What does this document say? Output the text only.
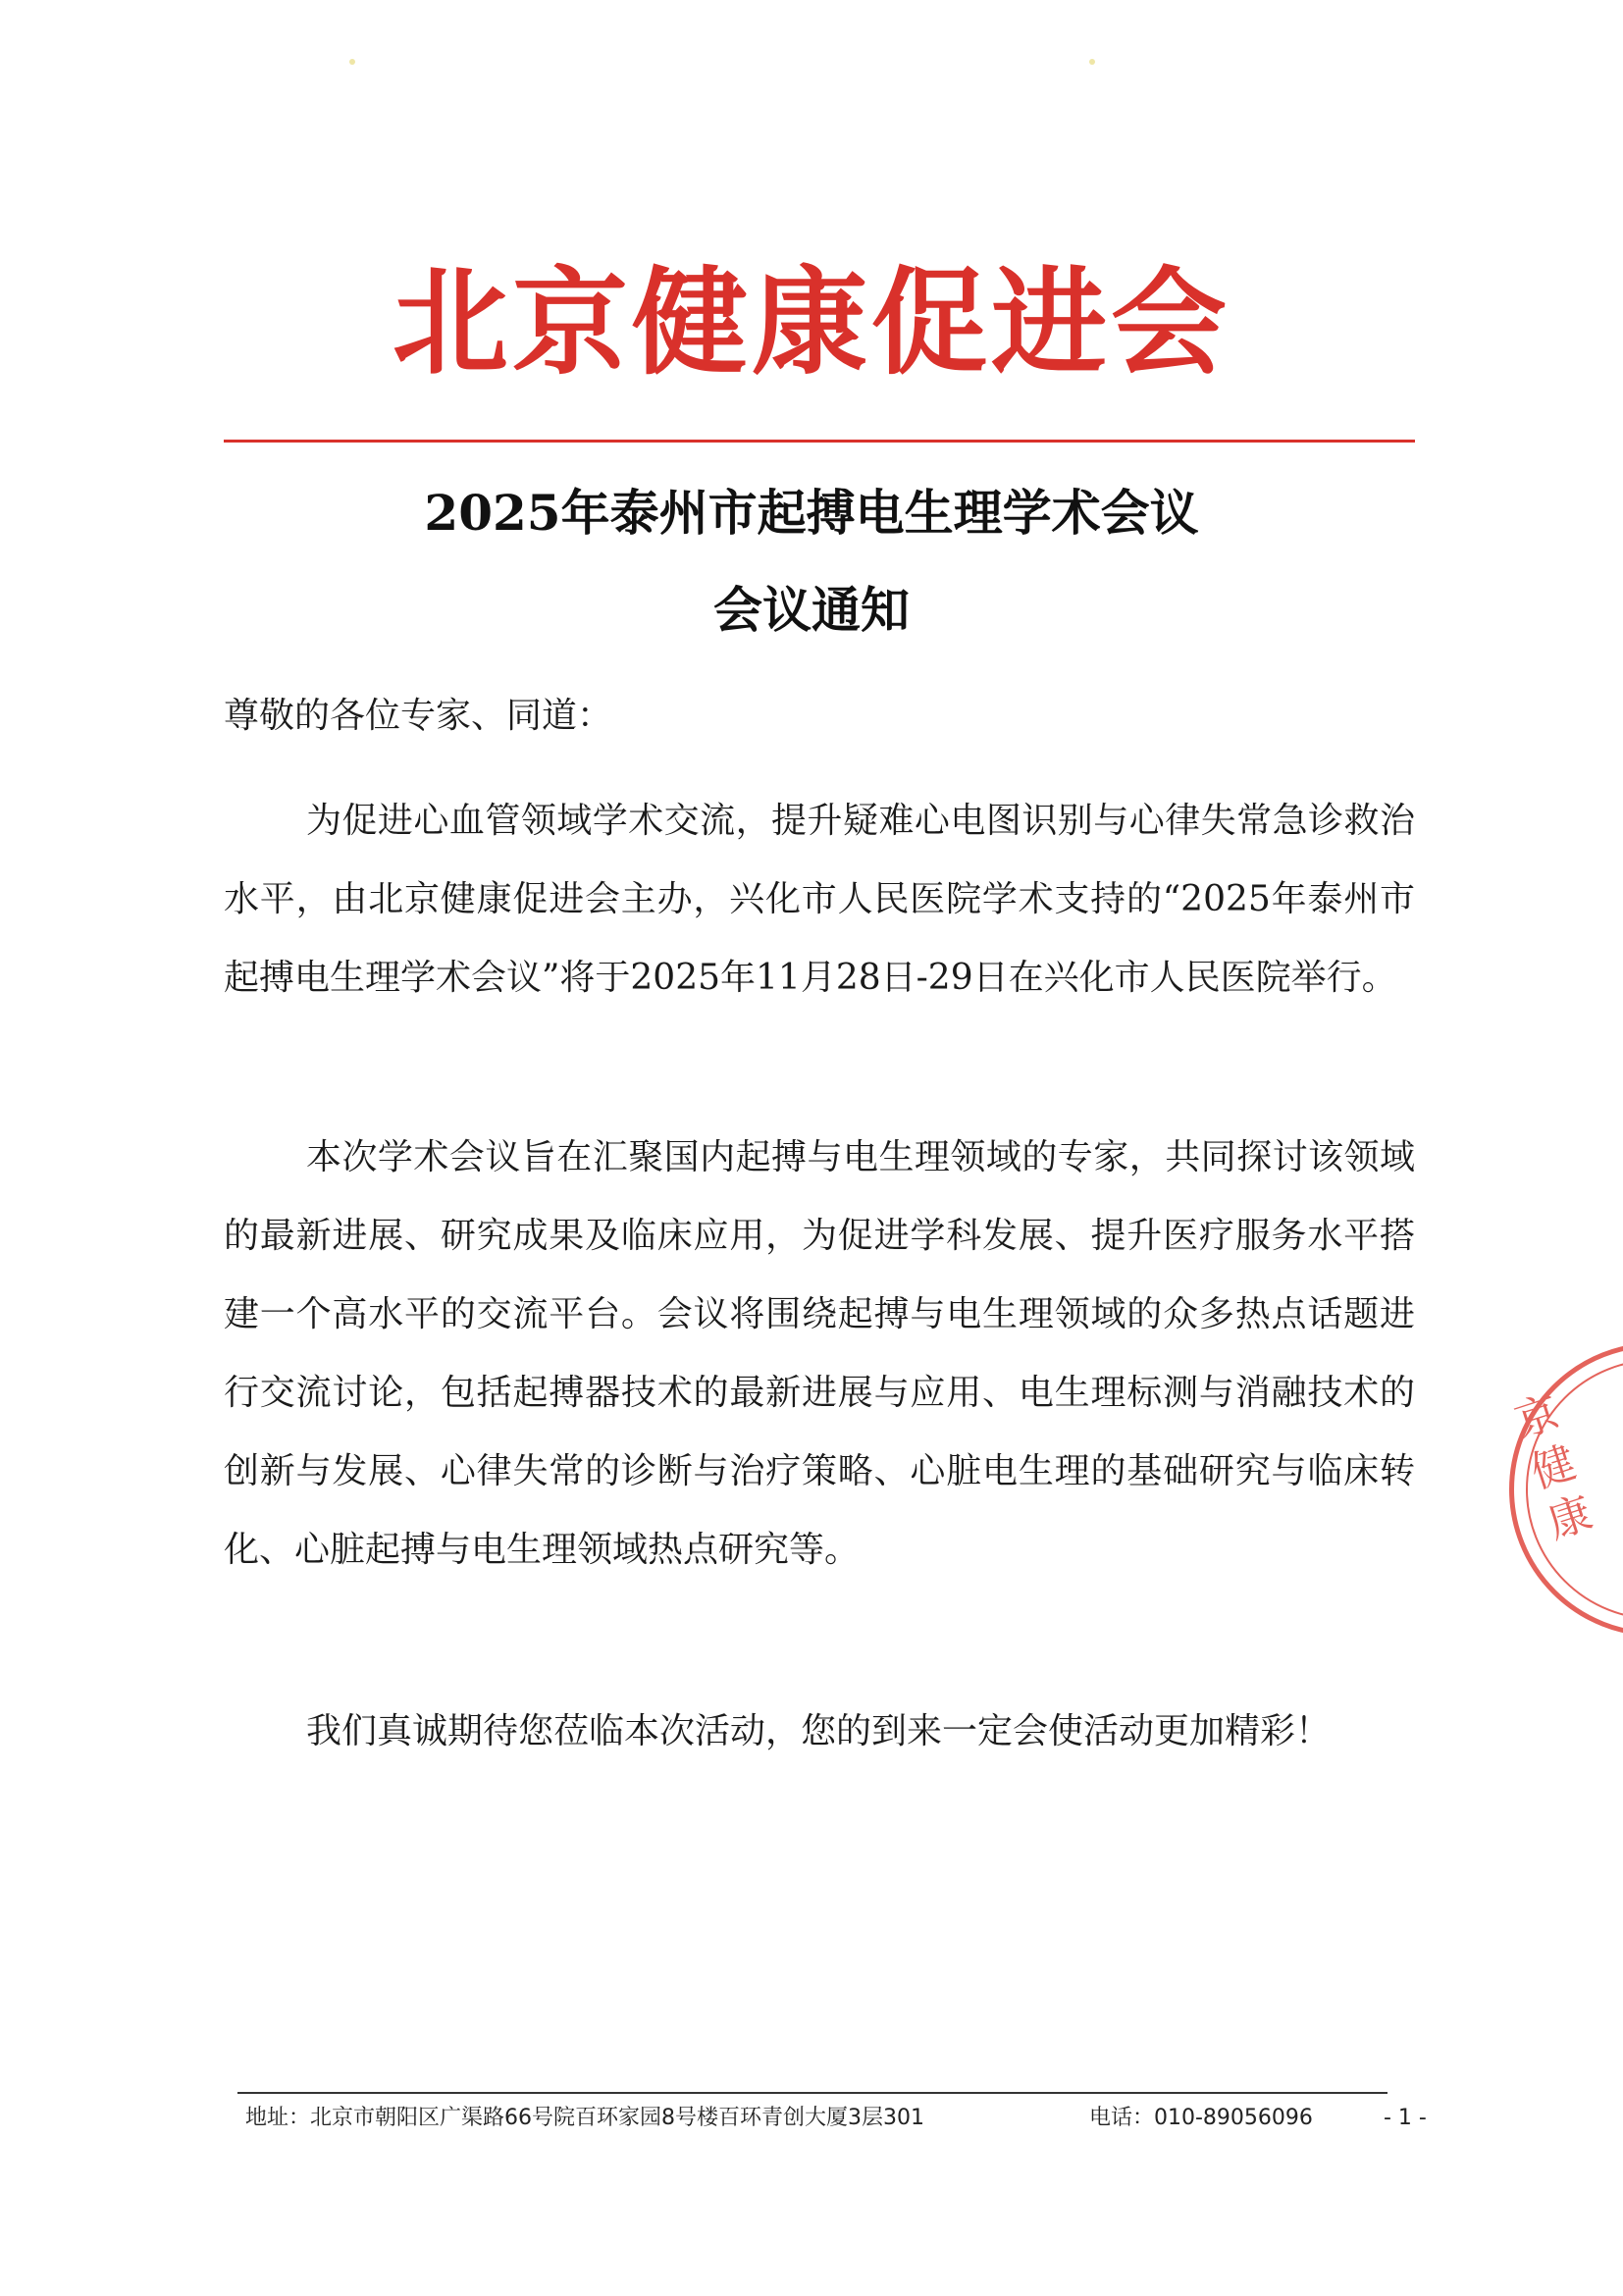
北京健康促进会
2025年泰州市起搏电生理学术会议
会议通知
尊敬的各位专家、同道：

为促进心血管领域学术交流，提升疑难心电图识别与心律失常急诊救治水平，由北京健康促进会主办，兴化市人民医院学术支持的“2025年泰州市起搏电生理学术会议”将于2025年11月28日-29日在兴化市人民医院举行。

本次学术会议旨在汇聚国内起搏与电生理领域的专家，共同探讨该领域的最新进展、研究成果及临床应用，为促进学科发展、提升医疗服务水平搭建一个高水平的交流平台。会议将围绕起搏与电生理领域的众多热点话题进行交流讨论，包括起搏器技术的最新进展与应用、电生理标测与消融技术的创新与发展、心律失常的诊断与治疗策略、心脏电生理的基础研究与临床转化、心脏起搏与电生理领域热点研究等。

我们真诚期待您莅临本次活动，您的到来一定会使活动更加精彩！

京健康
地址：北京市朝阳区广渠路66号院百环家园8号楼百环青创大厦3层301	电话：010-89056096	- 1 -
